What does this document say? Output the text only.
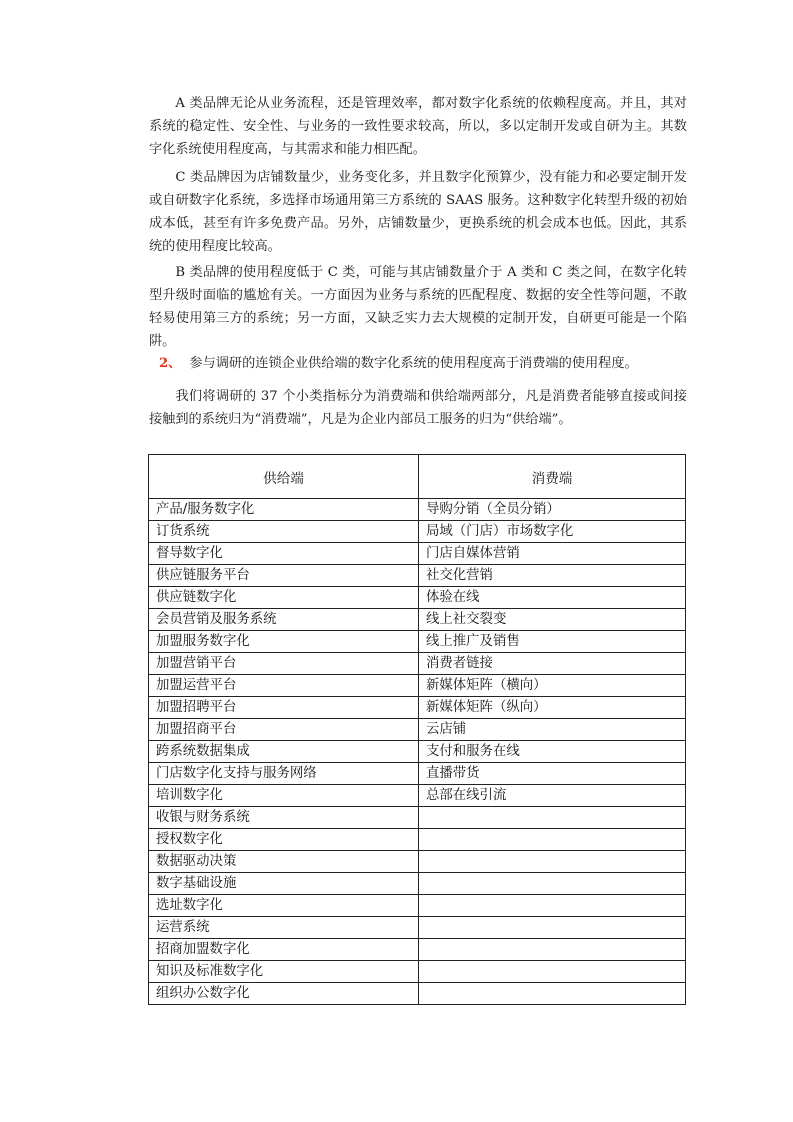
A 类品牌无论从业务流程，还是管理效率，都对数字化系统的依赖程度高。并且，其对系统的稳定性、安全性、与业务的一致性要求较高，所以，多以定制开发或自研为主。其数字化系统使用程度高，与其需求和能力相匹配。

C 类品牌因为店铺数量少，业务变化多，并且数字化预算少，没有能力和必要定制开发或自研数字化系统，多选择市场通用第三方系统的 SAAS 服务。这种数字化转型升级的初始成本低，甚至有许多免费产品。另外，店铺数量少，更换系统的机会成本也低。因此，其系统的使用程度比较高。

B 类品牌的使用程度低于 C 类，可能与其店铺数量介于 A 类和 C 类之间，在数字化转型升级时面临的尴尬有关。一方面因为业务与系统的匹配程度、数据的安全性等问题，不敢轻易使用第三方的系统；另一方面，又缺乏实力去大规模的定制开发，自研更可能是一个陷阱。

2、 参与调研的连锁企业供给端的数字化系统的使用程度高于消费端的使用程度。

我们将调研的 37 个小类指标分为消费端和供给端两部分，凡是消费者能够直接或间接接触到的系统归为“消费端”，凡是为企业内部员工服务的归为“供给端”。

供给端	消费端
产品/服务数字化	导购分销（全员分销）
订货系统	局域（门店）市场数字化
督导数字化	门店自媒体营销
供应链服务平台	社交化营销
供应链数字化	体验在线
会员营销及服务系统	线上社交裂变
加盟服务数字化	线上推广及销售
加盟营销平台	消费者链接
加盟运营平台	新媒体矩阵（横向）
加盟招聘平台	新媒体矩阵（纵向）
加盟招商平台	云店铺
跨系统数据集成	支付和服务在线
门店数字化支持与服务网络	直播带货
培训数字化	总部在线引流
收银与财务系统	
授权数字化	
数据驱动决策	
数字基础设施	
选址数字化	
运营系统	
招商加盟数字化	
知识及标准数字化	
组织办公数字化	
